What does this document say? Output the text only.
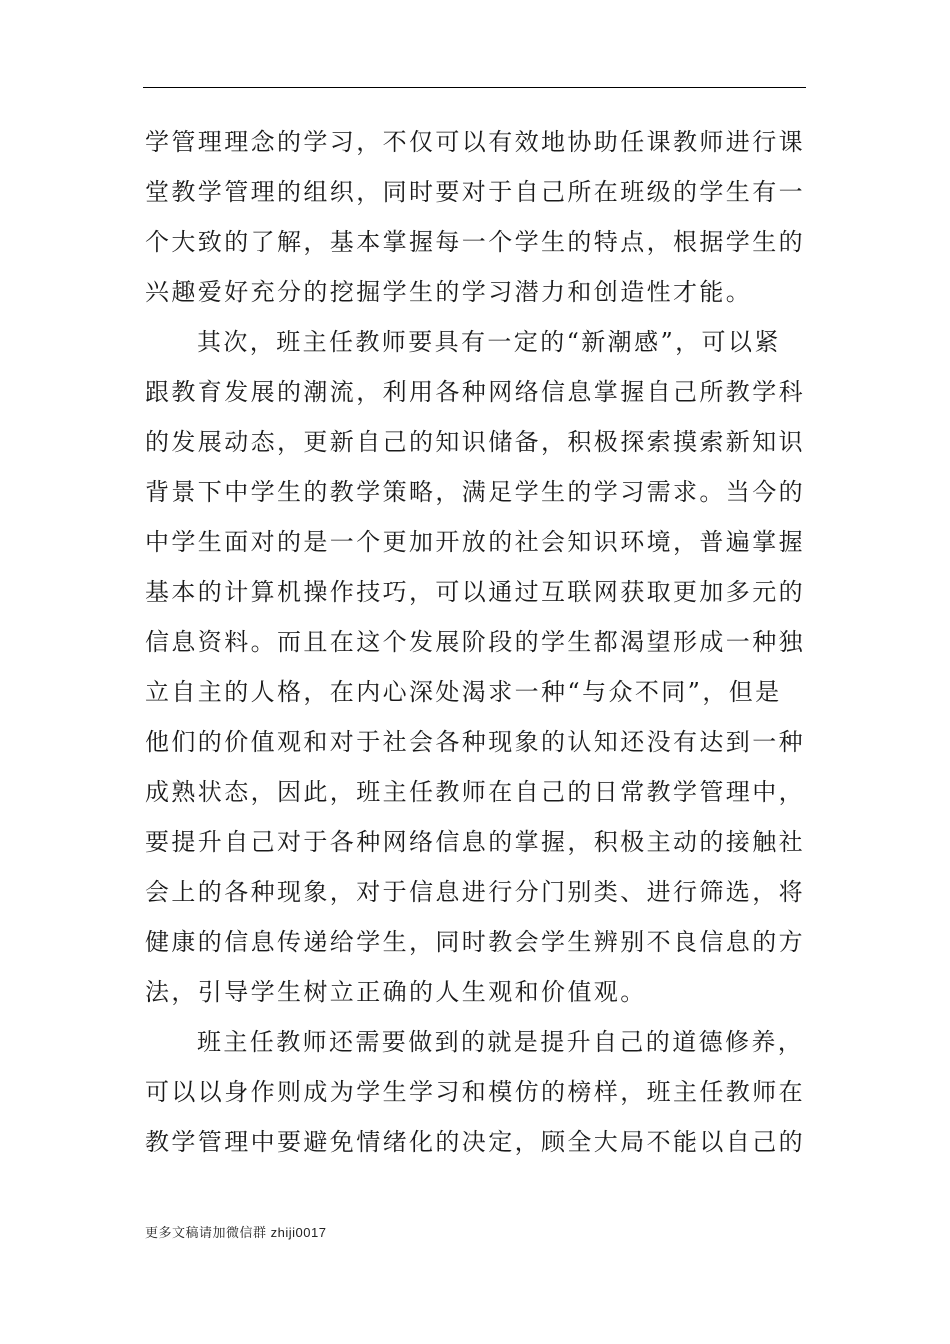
学管理理念的学习，不仅可以有效地协助任课教师进行课
堂教学管理的组织，同时要对于自己所在班级的学生有一
个大致的了解，基本掌握每一个学生的特点，根据学生的
兴趣爱好充分的挖掘学生的学习潜力和创造性才能。
其次，班主任教师要具有一定的“新潮感”，可以紧
跟教育发展的潮流，利用各种网络信息掌握自己所教学科
的发展动态，更新自己的知识储备，积极探索摸索新知识
背景下中学生的教学策略，满足学生的学习需求。当今的
中学生面对的是一个更加开放的社会知识环境，普遍掌握
基本的计算机操作技巧，可以通过互联网获取更加多元的
信息资料。而且在这个发展阶段的学生都渴望形成一种独
立自主的人格，在内心深处渴求一种“与众不同”，但是
他们的价值观和对于社会各种现象的认知还没有达到一种
成熟状态，因此，班主任教师在自己的日常教学管理中，
要提升自己对于各种网络信息的掌握，积极主动的接触社
会上的各种现象，对于信息进行分门别类、进行筛选，将
健康的信息传递给学生，同时教会学生辨别不良信息的方
法，引导学生树立正确的人生观和价值观。
班主任教师还需要做到的就是提升自己的道德修养，
可以以身作则成为学生学习和模仿的榜样，班主任教师在
教学管理中要避免情绪化的决定，顾全大局不能以自己的
更多文稿请加微信群 zhiji0017
